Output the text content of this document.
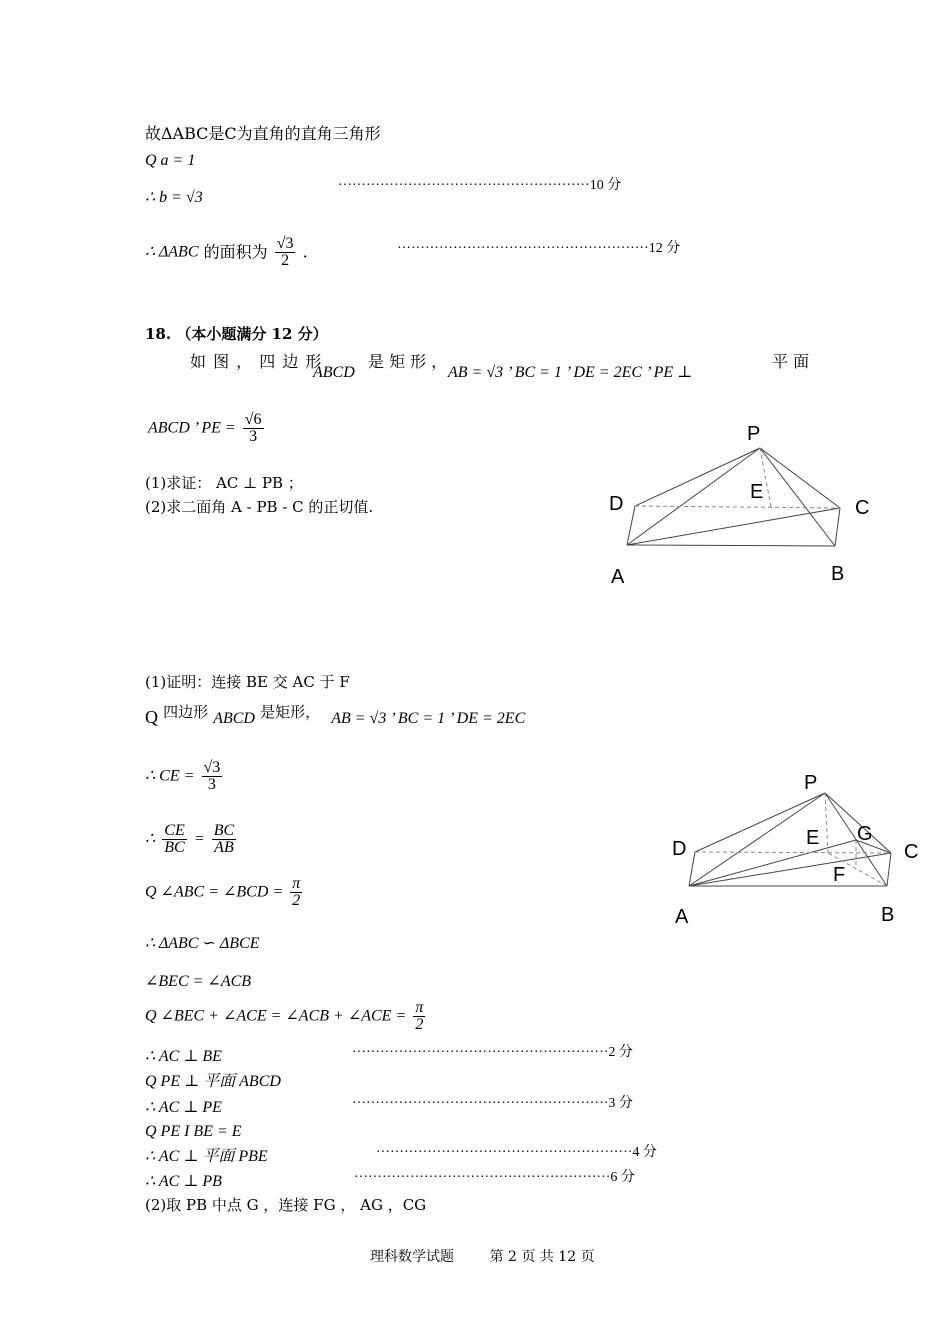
故ΔABC是C为直角的直角三角形
Q a = 1
∴ b = √3
······················································10 分
∴ ΔABC 的面积为 $\frac{√3}{2}$ .	······················································12 分
18. （本小题满分 12 分）
如 图 ， 四 边 形
ABCD
是 矩 形 ，
AB = √3 ’ BC = 1 ’ DE = 2EC ’ PE ⊥
平 面
ABCD ’ PE = $\frac{√6}{3}$
(1)求证： AC ⊥ PB ；
(2)求二面角 A - PB - C 的正切值.
P
E
D	C
A	B
(1)证明：连接 BE 交 AC 于 F
Q 四边形 ABCD 是矩形， AB = √3 ’ BC = 1 ’ DE = 2EC
∴ CE = $\frac{√3}{3}$
∴ $\frac{CE}{BC} = \frac{BC}{AB}$
Q ∠ABC = ∠BCD = $\frac{\pi}{2}$
∴ ΔABC ∽ ΔBCE
∠BEC = ∠ACB
Q ∠BEC + ∠ACE = ∠ACB + ∠ACE = $\frac{\pi}{2}$
∴ AC ⊥ BE	·······················································2 分
Q PE ⊥ 平面 ABCD
∴ AC ⊥ PE	·······················································3 分
Q PE I BE = E
∴ AC ⊥ 平面 PBE	·······················································4 分
∴ AC ⊥ PB	·······················································6 分
(2)取 PB 中点 G ，连接 FG ， AG ，CG
P
E G
D	C
F
A	B
理科数学试题        第 2 页 共 12 页
